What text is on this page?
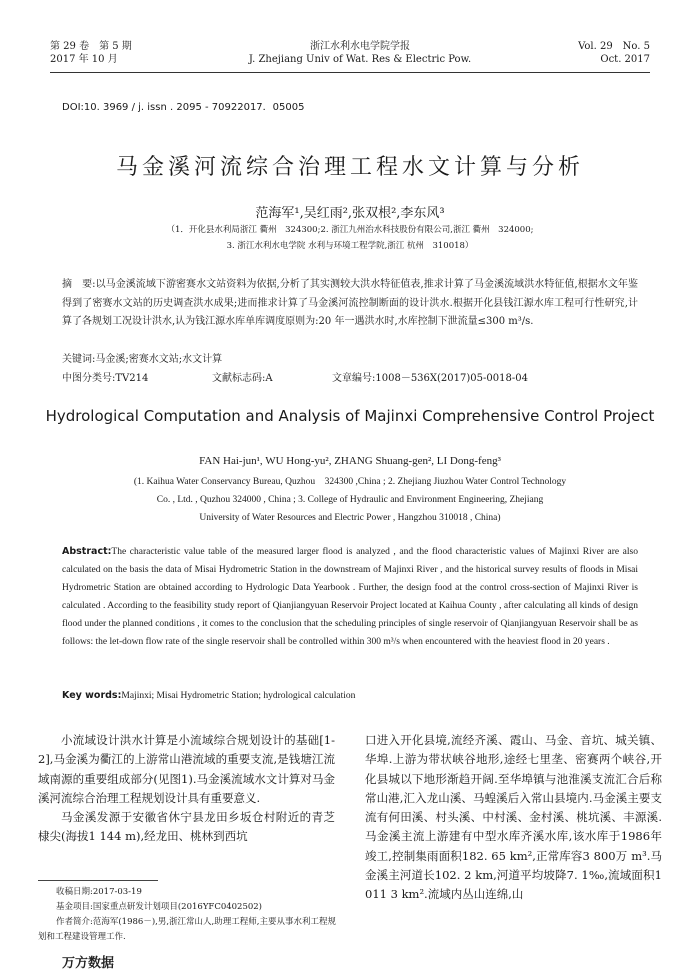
第 29 卷　第 5 期
2017 年 10 月
浙江水利水电学院学报
J. Zhejiang Univ of Wat. Res & Electric Pow.
Vol. 29　No. 5
Oct. 2017
DOI:10. 3969 / j. issn . 2095 - 70922017．05005
马金溪河流综合治理工程水文计算与分析
范海军¹,吴红雨²,张双根²,李东风³
（1．开化县水利局浙江 衢州　324300;2. 浙江九州治水科技股份有限公司,浙江 衢州　324000;
3. 浙江水利水电学院 水利与环境工程学院,浙江 杭州　310018）

摘　要:以马金溪流域下游密赛水文站资料为依据,分析了其实测较大洪水特征值表,推求计算了马金溪流域洪水特征值,根据水文年鉴得到了密赛水文站的历史调查洪水成果;进而推求计算了马金溪河流控制断面的设计洪水.根据开化县钱江源水库工程可行性研究,计算了各规划工况设计洪水,认为钱江源水库单库调度原则为:20 年一遇洪水时,水库控制下泄流量≤300 m³/s.

关键词:马金溪;密赛水文站;水文计算
中图分类号:TV214	文献标志码:A	文章编号:1008－536X(2017)05-0018-04
Hydrological Computation and Analysis of Majinxi Comprehensive Control Project
FAN Hai-jun¹, WU Hong-yu², ZHANG Shuang-gen², LI Dong-feng³
(1. Kaihua Water Conservancy Bureau, Quzhou　324300 ,China ; 2. Zhejiang Jiuzhou Water Control Technology
Co. , Ltd. , Quzhou 324000 , China ; 3. College of Hydraulic and Environment Engineering, Zhejiang
University of Water Resources and Electric Power , Hangzhou 310018 , China)
Abstract:The characteristic value table of the measured larger flood is analyzed , and the flood characteristic values of Majinxi River are also calculated on the basis the data of Misai Hydrometric Station in the downstream of Majinxi River , and the historical survey results of floods in Misai Hydrometric Station are obtained according to Hydrologic Data Yearbook . Further, the design food at the control cross-section of Majinxi River is calculated . According to the feasibility study report of Qianjiangyuan Reservoir Project located at Kaihua County , after calculating all kinds of design flood under the planned conditions , it comes to the conclusion that the scheduling principles of single reservoir of Qianjiangyuan Reservoir shall be as follows: the let-down flow rate of the single reservoir shall be controlled within 300 m³/s when encountered with the heaviest flood in 20 years .
Key words:Majinxi; Misai Hydrometric Station; hydrological calculation

小流域设计洪水计算是小流域综合规划设计的基础[1-2],马金溪为衢江的上游常山港流域的重要支流,是钱塘江流域南源的重要组成部分(见图1).马金溪流域水文计算对马金溪河流综合治理工程规划设计具有重要意义.

马金溪发源于安徽省休宁县龙田乡坂仓村附近的青芝棣尖(海拔1 144 m),经龙田、桃林到西坑

口进入开化县境,流经齐溪、霞山、马金、音坑、城关镇、华埠.上游为带状峡谷地形,途经七里垄、密赛两个峡谷,开化县城以下地形渐趋开阔.至华埠镇与池淮溪支流汇合后称常山港,汇入龙山溪、马蝗溪后入常山县境内.马金溪主要支流有何田溪、村头溪、中村溪、金村溪、桃坑溪、丰源溪.马金溪主流上游建有中型水库齐溪水库,该水库于1986年竣工,控制集雨面积182. 65 km²,正常库容3 800万 m³.马金溪主河道长102. 2 km,河道平均坡降7. 1‰,流域面积1 011 3 km².流域内丛山连绵,山

收稿日期:2017-03-19
基金项目:国家重点研发计划项目(2016YFC0402502)
作者简介:范海军(1986－),男,浙江常山人,助理工程师,主要从事水利工程规划和工程建设管理工作.
万方数据
